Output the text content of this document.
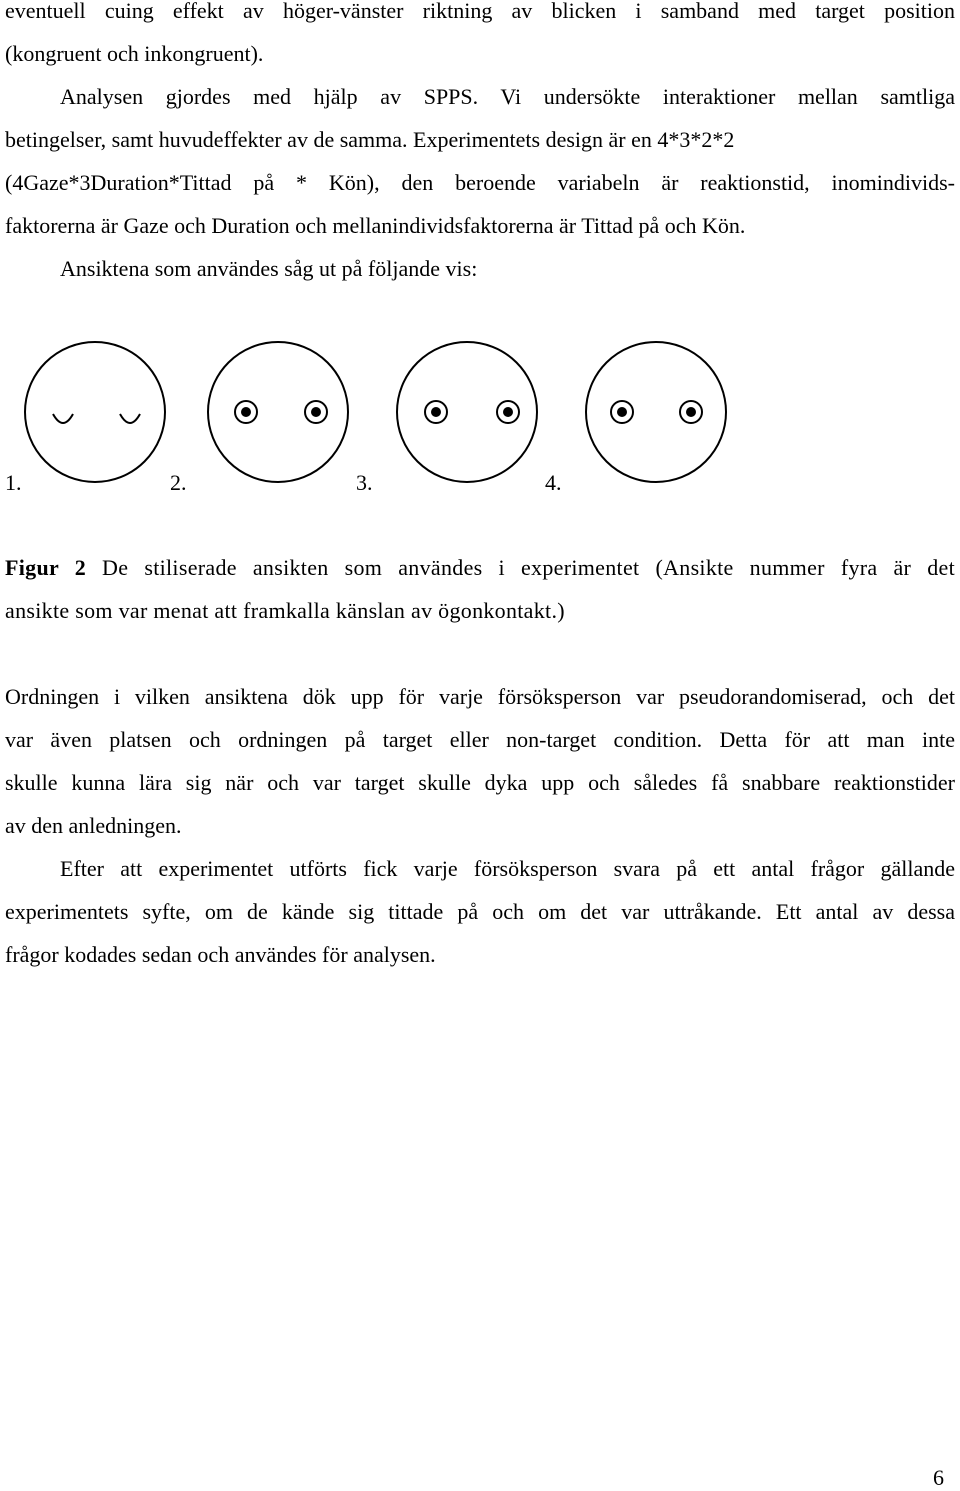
eventuell cuing effekt av höger-vänster riktning av blicken i samband med target position
(kongruent och inkongruent).
Analysen gjordes med hjälp av SPPS. Vi undersökte interaktioner mellan samtliga
betingelser, samt huvudeffekter av de samma. Experimentets design är en 4*3*2*2
(4Gaze*3Duration*Tittad på * Kön), den beroende variabeln är reaktionstid, inomindivids-
faktorerna är Gaze och Duration och mellanindividsfaktorerna är Tittad på och Kön.
Ansiktena som användes såg ut på följande vis:
1.	2.	3.	4.
Figur 2 De stiliserade ansikten som användes i experimentet (Ansikte nummer fyra är det
ansikte som var menat att framkalla känslan av ögonkontakt.)
Ordningen i vilken ansiktena dök upp för varje försöksperson var pseudorandomiserad, och det
var även platsen och ordningen på target eller non-target condition. Detta för att man inte
skulle kunna lära sig när och var target skulle dyka upp och således få snabbare reaktionstider
av den anledningen.
Efter att experimentet utförts fick varje försöksperson svara på ett antal frågor gällande
experimentets syfte, om de kände sig tittade på och om det var uttråkande. Ett antal av dessa
frågor kodades sedan och användes för analysen.
6
